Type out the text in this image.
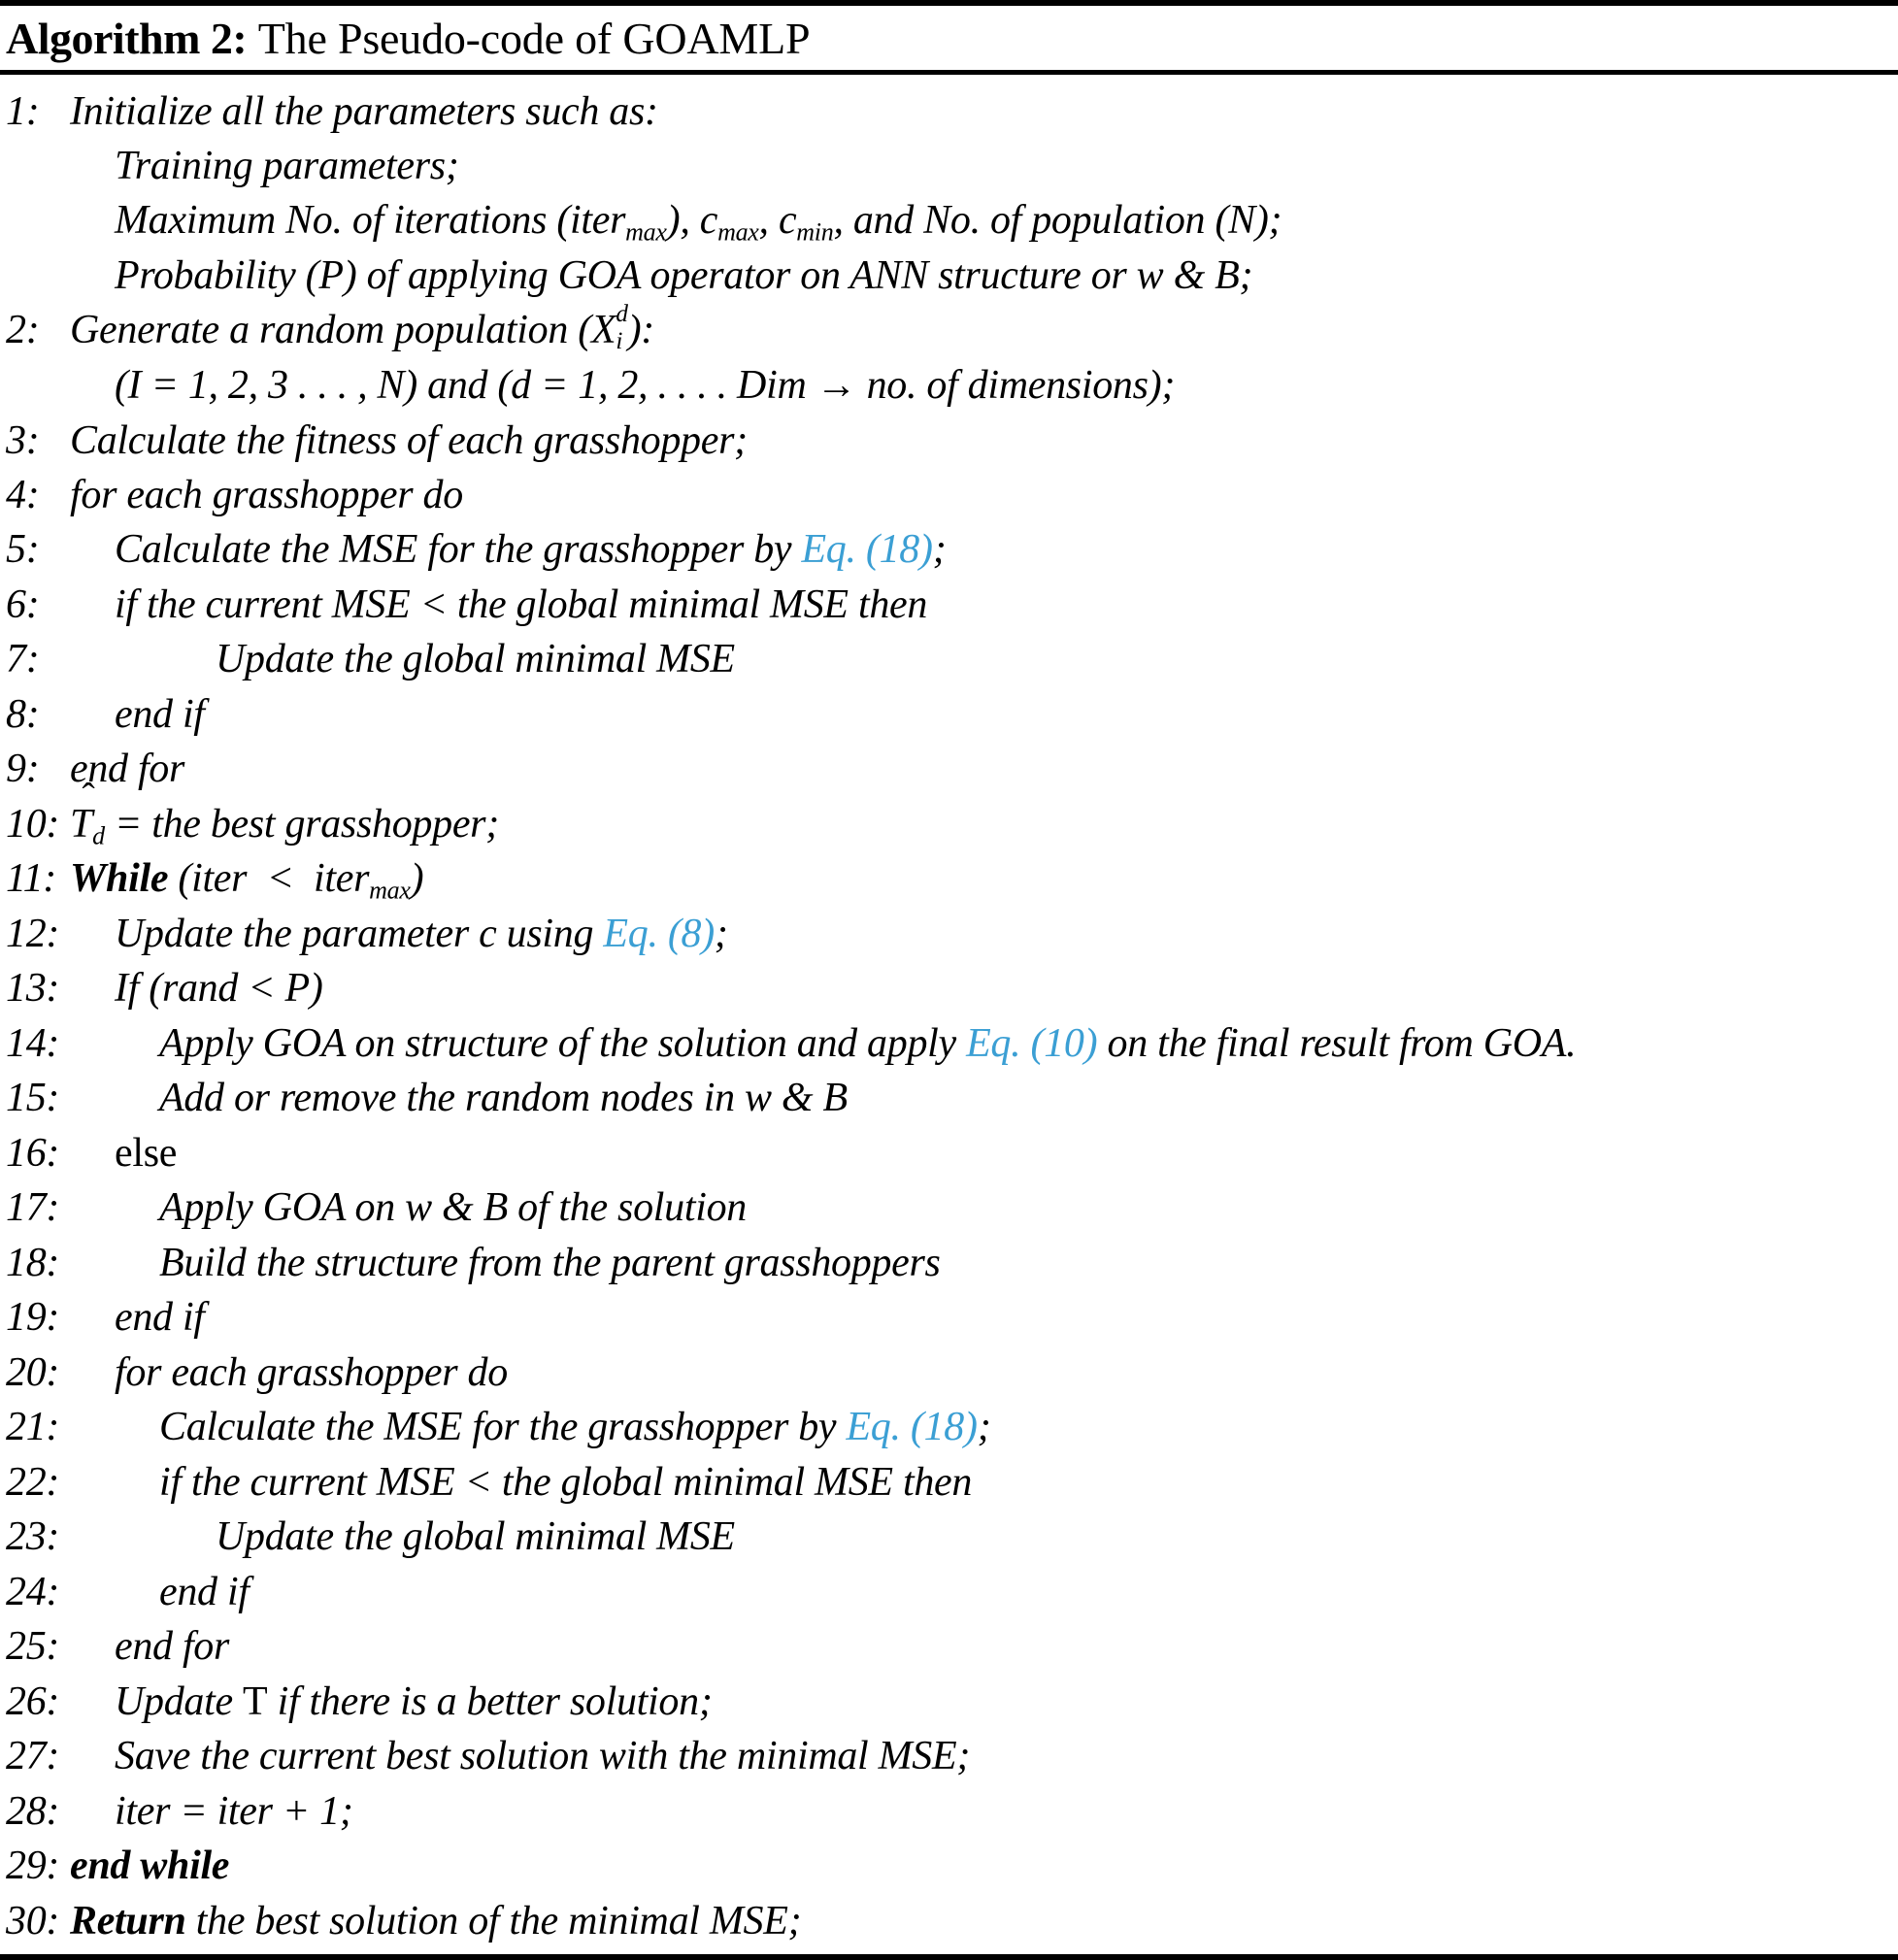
Algorithm 2: The Pseudo-code of GOAMLP
1: Initialize all the parameters such as:

Training parameters;

Maximum No. of iterations (iter$_{max}$), $c_{max}$, $c_{min}$, and No. of population (N);

Probability (P) of applying GOA operator on ANN structure or w & B;
2: Generate a random population (X d
i ):

(I = 1, 2, 3 . . . , N) and (d = 1, 2, . . . . Dim → no. of dimensions);
3: Calculate the fitness of each grasshopper;
4: for each grasshopper do
5:	Calculate the MSE for the grasshopper by Eq. (18);
6:	if the current MSE < the global minimal MSE then
7:	Update the global minimal MSE
8:	end if
9: end for
10: $T_d$ = the best grasshopper;
11: While (iter  <  iter$_{max}$)
12:	Update the parameter c using Eq. (8);
13:	If (rand < P)
14:	Apply GOA on structure of the solution and apply Eq. (10) on the final result from GOA.
15:	Add or remove the random nodes in w & B
16:	else
17:	Apply GOA on w & B of the solution
18:	Build the structure from the parent grasshoppers
19:	end if
20:	for each grasshopper do
21:	Calculate the MSE for the grasshopper by Eq. (18);
22:	if the current MSE < the global minimal MSE then
23:	Update the global minimal MSE
24:	end if
25:	end for
26:	Update T if there is a better solution;
27:	Save the current best solution with the minimal MSE;
28:	iter = iter + 1;
29: end while
30: Return the best solution of the minimal MSE;
